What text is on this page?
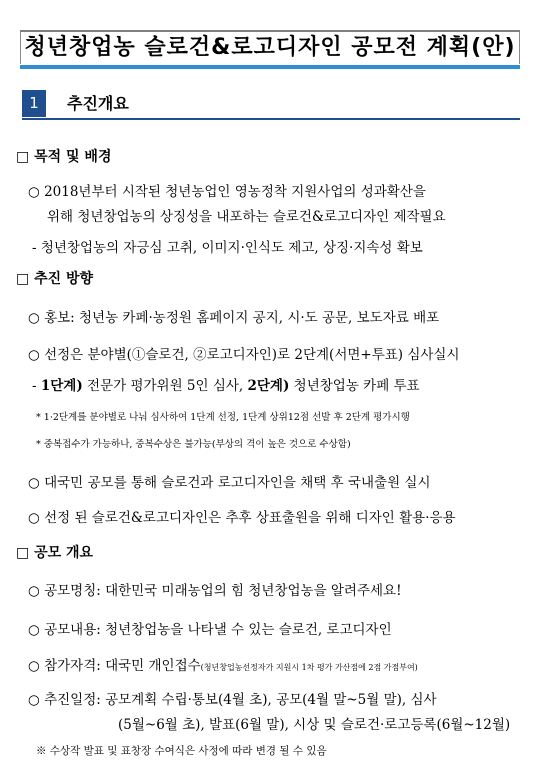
청년창업농 슬로건&로고디자인 공모전 계획(안)
1	추진개요
□ 목적 및 배경
○ 2018년부터 시작된 청년농업인 영농정착 지원사업의 성과확산을
위해 청년창업농의 상징성을 내포하는 슬로건&로고디자인 제작필요
- 청년창업농의 자긍심 고취, 이미지·인식도 제고, 상징·지속성 확보
□ 추진 방향
○ 홍보: 청년농 카페·농정원 홈페이지 공지, 시·도 공문, 보도자료 배포
○ 선정은 분야별(①슬로건, ②로고디자인)로 2단계(서면+투표) 심사실시
- 1단계) 전문가 평가위원 5인 심사, 2단계) 청년창업농 카페 투표
* 1·2단계를 분야별로 나눠 심사하여 1단계 선정, 1단계 상위12점 선발 후 2단계 평가시행
* 중복접수가 가능하나, 중복수상은 불가능(부상의 격이 높은 것으로 수상함)
○ 대국민 공모를 통해 슬로건과 로고디자인을 채택 후 국내출원 실시
○ 선정 된 슬로건&로고디자인은 추후 상표출원을 위해 디자인 활용·응용
□ 공모 개요
○ 공모명칭: 대한민국 미래농업의 힘 청년창업농을 알려주세요!
○ 공모내용: 청년창업농을 나타낼 수 있는 슬로건, 로고디자인
○ 참가자격: 대국민 개인접수(청년창업농선정자가 지원시 1차 평가 가산점에 2점 가점부여)
○ 추진일정: 공모계획 수립·통보(4월 초), 공모(4월 말~5월 말), 심사
(5월~6월 초), 발표(6월 말), 시상 및 슬로건·로고등록(6월~12월)
※ 수상작 발표 및 표창장 수여식은 사정에 따라 변경 될 수 있음
